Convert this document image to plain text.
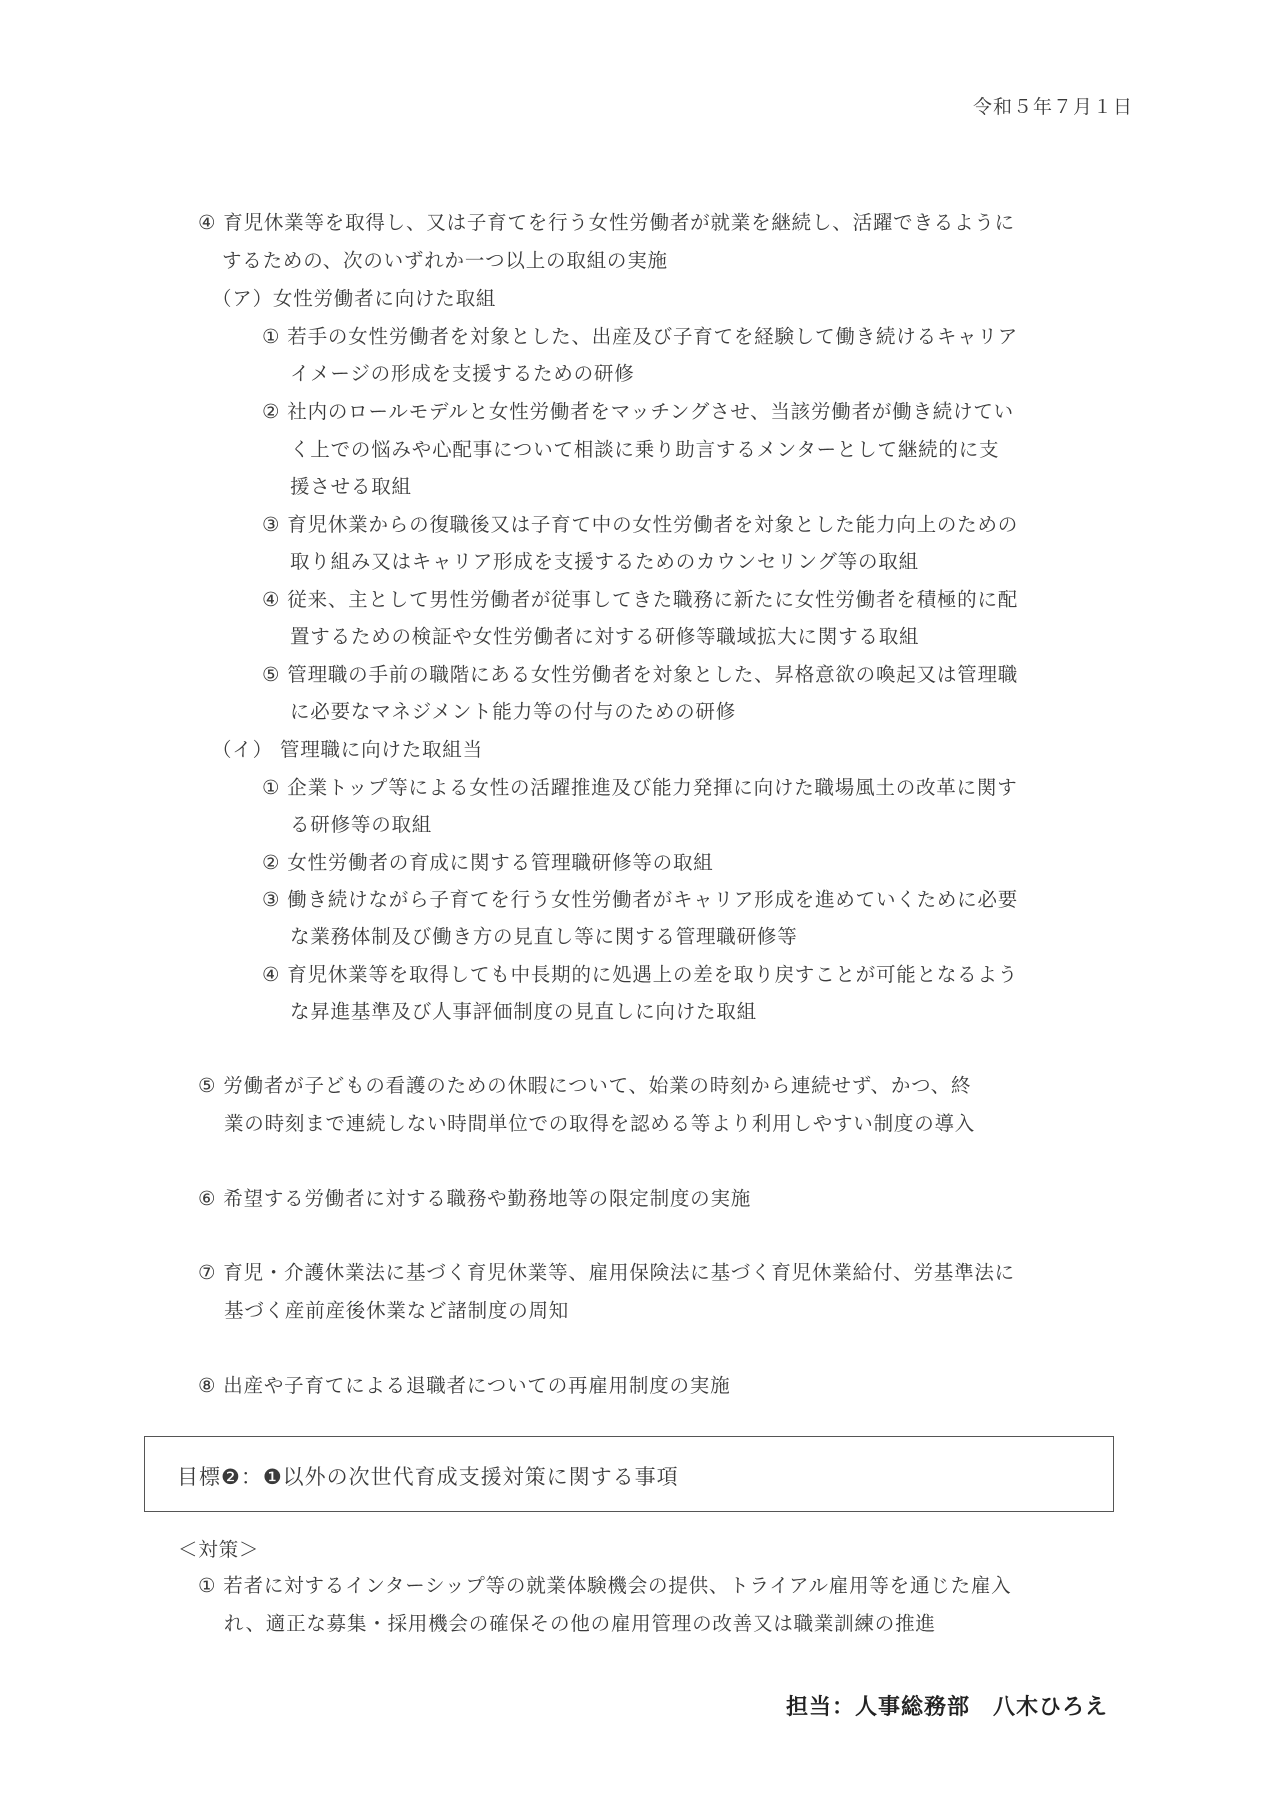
令和５年７月１日
④ 育児休業等を取得し、又は子育てを行う女性労働者が就業を継続し、活躍できるように
するための、次のいずれか一つ以上の取組の実施
（ア）女性労働者に向けた取組
① 若手の女性労働者を対象とした、出産及び子育てを経験して働き続けるキャリア
イメージの形成を支援するための研修
② 社内のロールモデルと女性労働者をマッチングさせ、当該労働者が働き続けてい
く上での悩みや心配事について相談に乗り助言するメンターとして継続的に支
援させる取組
③ 育児休業からの復職後又は子育て中の女性労働者を対象とした能力向上のための
取り組み又はキャリア形成を支援するためのカウンセリング等の取組
④ 従来、主として男性労働者が従事してきた職務に新たに女性労働者を積極的に配
置するための検証や女性労働者に対する研修等職域拡大に関する取組
⑤ 管理職の手前の職階にある女性労働者を対象とした、昇格意欲の喚起又は管理職
に必要なマネジメント能力等の付与のための研修
（イ） 管理職に向けた取組当
① 企業トップ等による女性の活躍推進及び能力発揮に向けた職場風土の改革に関す
る研修等の取組
② 女性労働者の育成に関する管理職研修等の取組
③ 働き続けながら子育てを行う女性労働者がキャリア形成を進めていくために必要
な業務体制及び働き方の見直し等に関する管理職研修等
④ 育児休業等を取得しても中長期的に処遇上の差を取り戻すことが可能となるよう
な昇進基準及び人事評価制度の見直しに向けた取組
⑤ 労働者が子どもの看護のための休暇について、始業の時刻から連続せず、かつ、終
業の時刻まで連続しない時間単位での取得を認める等より利用しやすい制度の導入
⑥ 希望する労働者に対する職務や勤務地等の限定制度の実施
⑦ 育児・介護休業法に基づく育児休業等、雇用保険法に基づく育児休業給付、労基準法に
基づく産前産後休業など諸制度の周知
⑧ 出産や子育てによる退職者についての再雇用制度の実施
目標❷：❶以外の次世代育成支援対策に関する事項
＜対策＞
① 若者に対するインターシップ等の就業体験機会の提供、トライアル雇用等を通じた雇入
れ、適正な募集・採用機会の確保その他の雇用管理の改善又は職業訓練の推進
担当：人事総務部　八木ひろえ
